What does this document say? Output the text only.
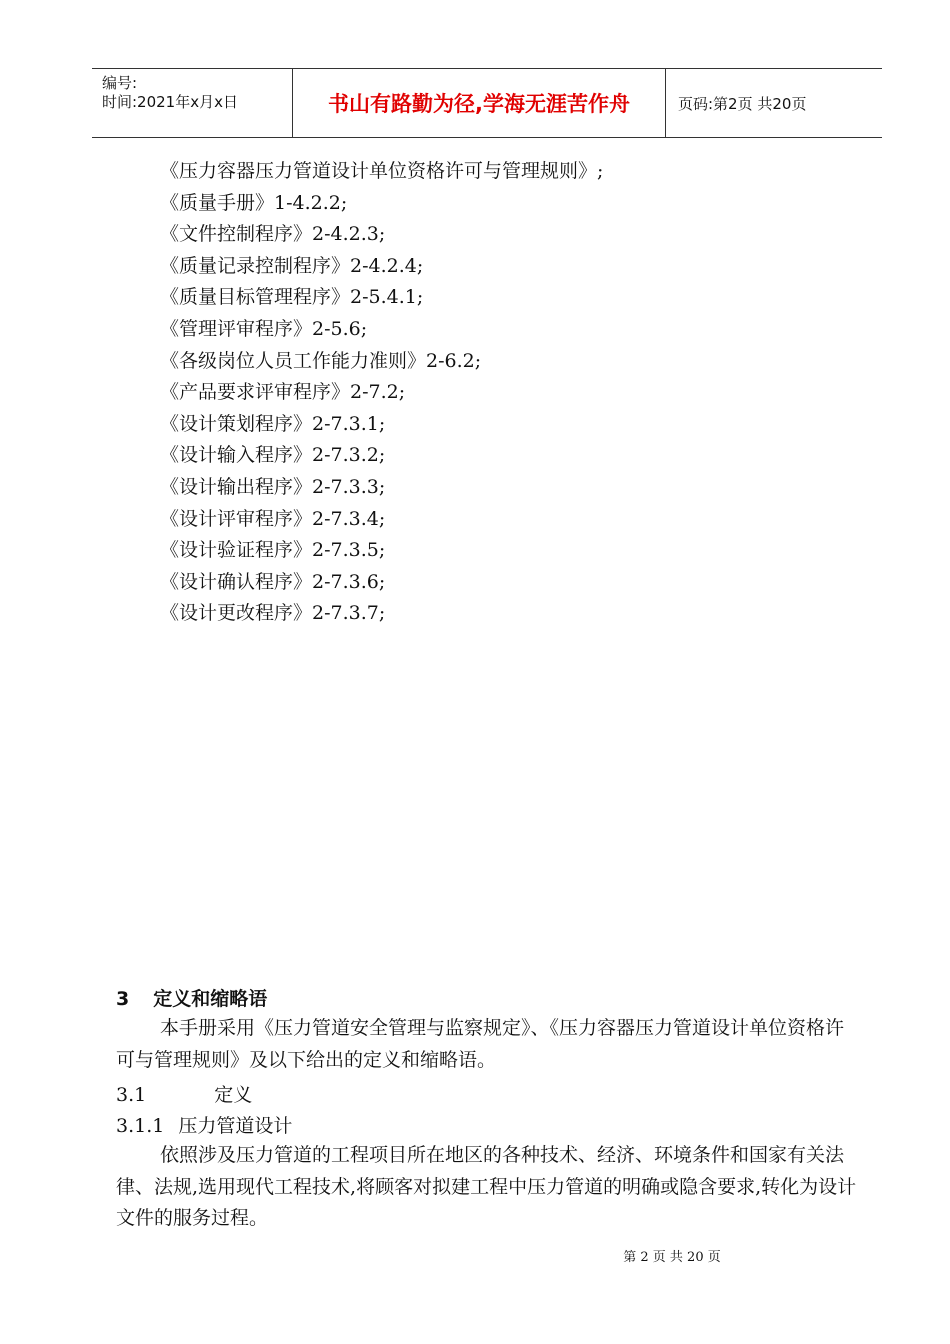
编号:
时间:2021年x月x日	书山有路勤为径,学海无涯苦作舟	页码:第2页 共20页
《压力容器压力管道设计单位资格许可与管理规则》;
《质量手册》1-4.2.2;
《文件控制程序》2-4.2.3;
《质量记录控制程序》2-4.2.4;
《质量目标管理程序》2-5.4.1;
《管理评审程序》2-5.6;
《各级岗位人员工作能力准则》2-6.2;
《产品要求评审程序》2-7.2;
《设计策划程序》2-7.3.1;
《设计输入程序》2-7.3.2;
《设计输出程序》2-7.3.3;
《设计评审程序》2-7.3.4;
《设计验证程序》2-7.3.5;
《设计确认程序》2-7.3.6;
《设计更改程序》2-7.3.7;
3 定义和缩略语

本手册采用《压力管道安全管理与监察规定》、《压力容器压力管道设计单位资格许可与管理规则》及以下给出的定义和缩略语。

3.1	定义
3.1.1 压力管道设计

依照涉及压力管道的工程项目所在地区的各种技术、经济、环境条件和国家有关法律、法规,选用现代工程技术,将顾客对拟建工程中压力管道的明确或隐含要求,转化为设计文件的服务过程。

第 2 页 共 20 页
